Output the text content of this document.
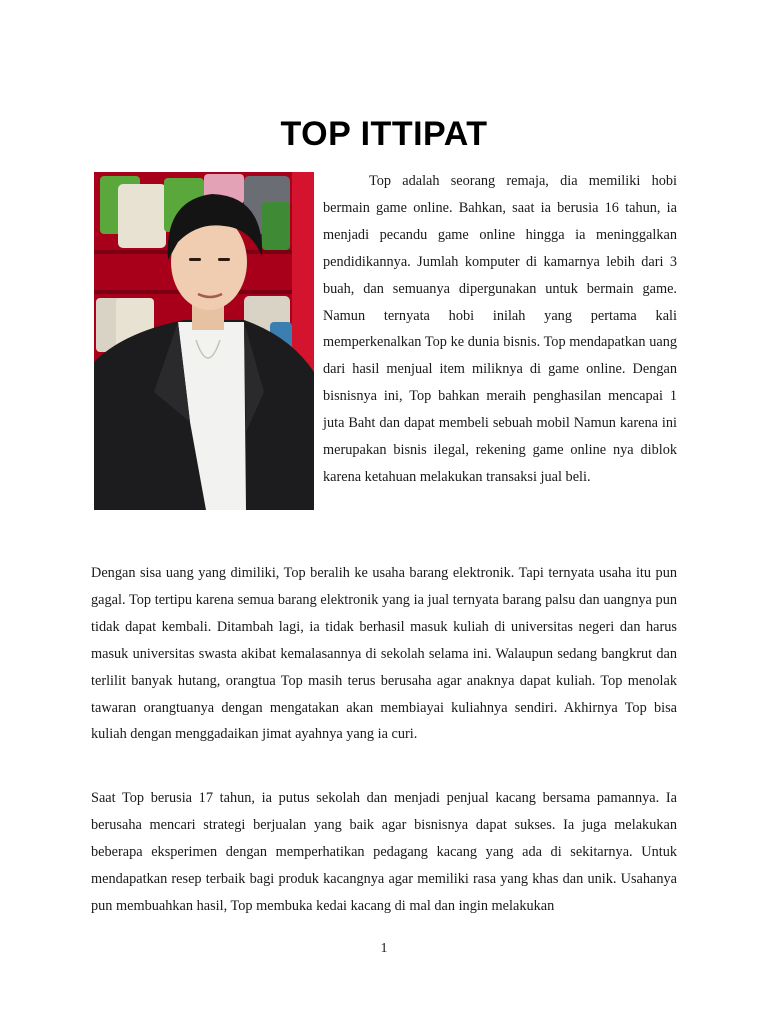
TOP ITTIPAT

Top adalah seorang remaja, dia memiliki hobi bermain game online. Bahkan, saat ia berusia 16 tahun, ia menjadi pecandu game online hingga ia meninggalkan pendidikannya. Jumlah komputer di kamarnya lebih dari 3 buah, dan semuanya dipergunakan untuk bermain game. Namun ternyata hobi inilah yang pertama kali memperkenalkan Top ke dunia bisnis. Top mendapatkan uang dari hasil menjual item miliknya di game online. Dengan bisnisnya ini, Top bahkan meraih penghasilan mencapai 1 juta Baht dan dapat membeli sebuah mobil Namun karena ini merupakan bisnis ilegal, rekening game online nya diblok karena ketahuan melakukan transaksi jual beli.

Dengan sisa uang yang dimiliki, Top beralih ke usaha barang elektronik. Tapi ternyata usaha itu pun gagal. Top tertipu karena semua barang elektronik yang ia jual ternyata barang palsu dan uangnya pun tidak dapat kembali. Ditambah lagi, ia tidak berhasil masuk kuliah di universitas negeri dan harus masuk universitas swasta akibat kemalasannya di sekolah selama ini. Walaupun sedang bangkrut dan terlilit banyak hutang, orangtua Top masih terus berusaha agar anaknya dapat kuliah. Top menolak tawaran orangtuanya dengan mengatakan akan membiayai kuliahnya sendiri. Akhirnya Top bisa kuliah dengan menggadaikan jimat ayahnya yang ia curi.

Saat Top berusia 17 tahun, ia putus sekolah dan menjadi penjual kacang bersama pamannya. Ia berusaha mencari strategi berjualan yang baik agar bisnisnya dapat sukses. Ia juga melakukan beberapa eksperimen dengan memperhatikan pedagang kacang yang ada di sekitarnya. Untuk mendapatkan resep terbaik bagi produk kacangnya agar memiliki rasa yang khas dan unik. Usahanya pun membuahkan hasil, Top membuka kedai kacang di mal dan ingin melakukan

1
